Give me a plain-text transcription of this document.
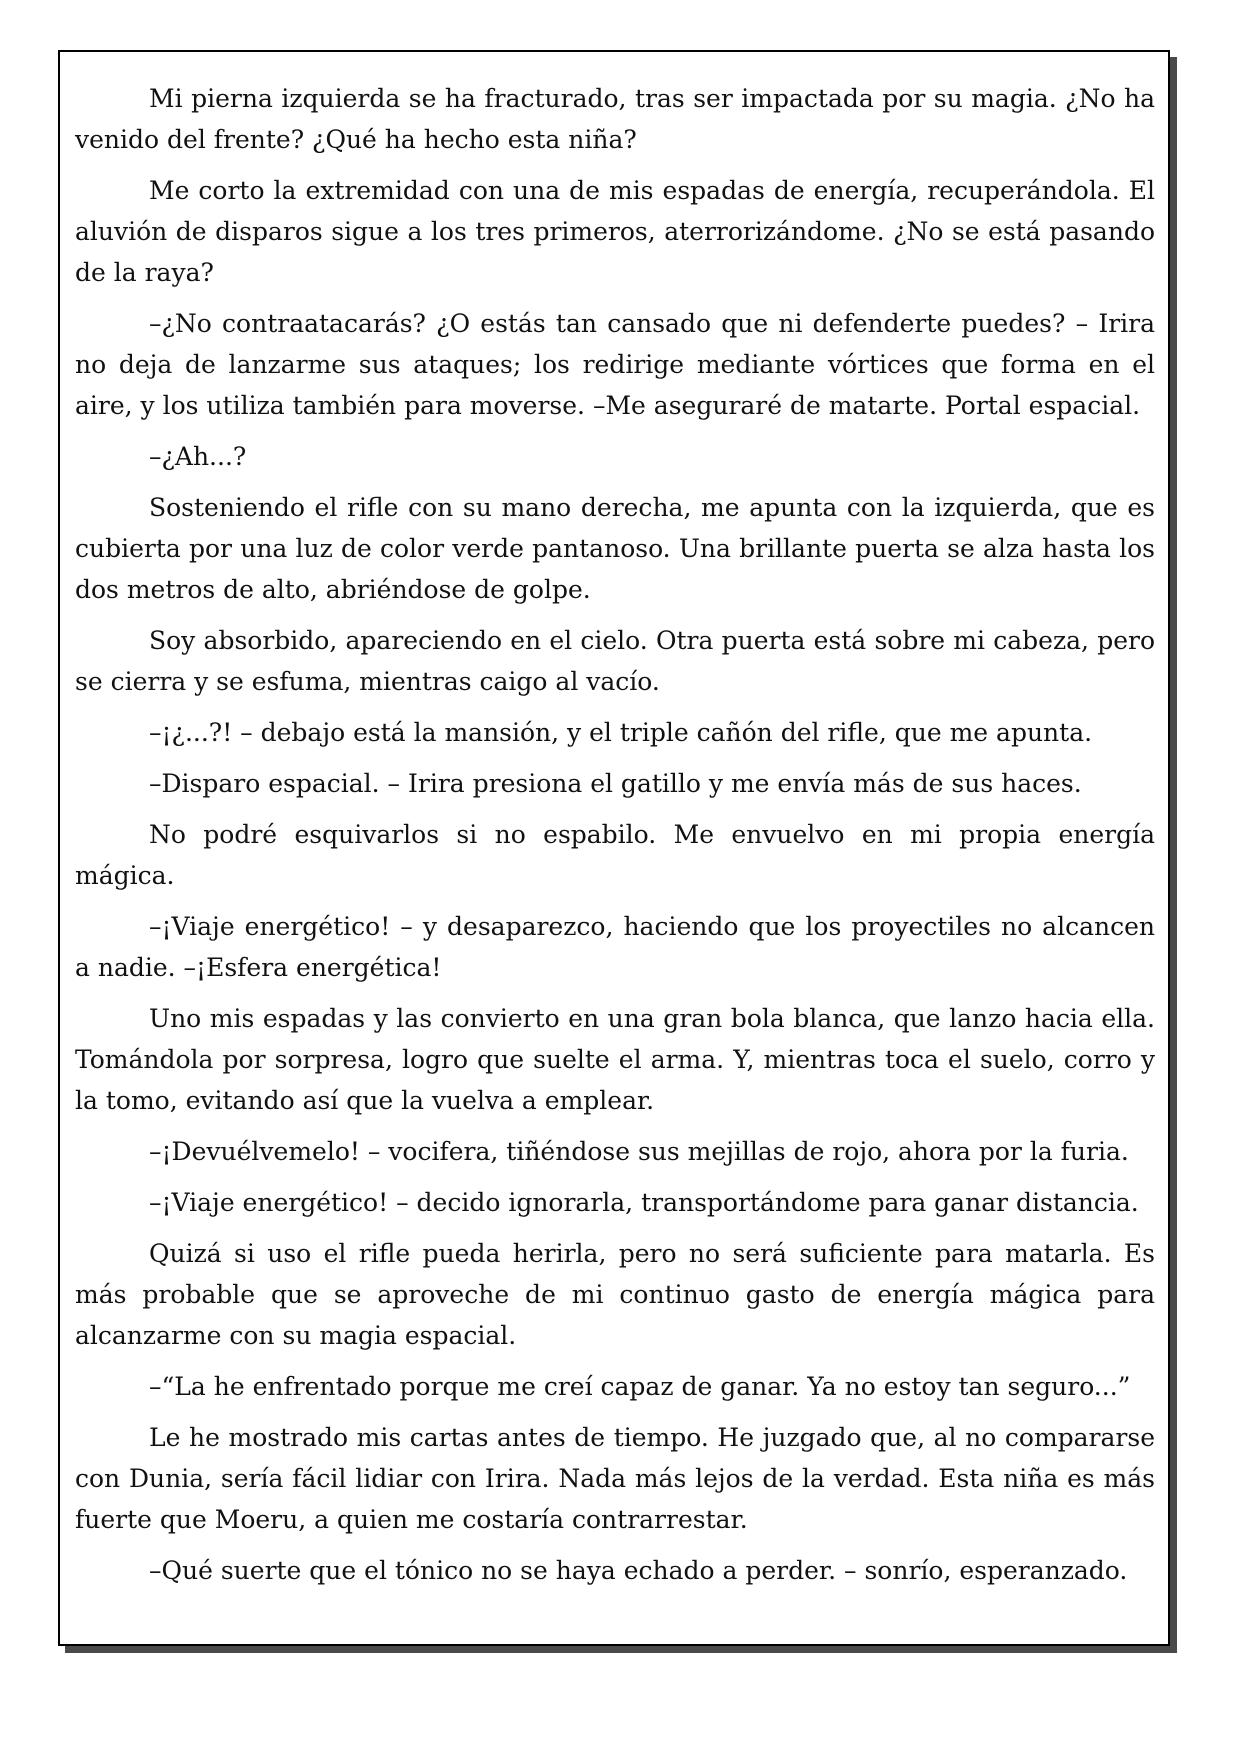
Mi pierna izquierda se ha fracturado, tras ser impactada por su magia. ¿No ha venido del frente? ¿Qué ha hecho esta niña?

Me corto la extremidad con una de mis espadas de energía, recuperándola. El aluvión de disparos sigue a los tres primeros, aterrorizándome. ¿No se está pasando de la raya?

–¿No contraatacarás? ¿O estás tan cansado que ni defenderte puedes? – Irira no deja de lanzarme sus ataques; los redirige mediante vórtices que forma en el aire, y los utiliza también para moverse. –Me aseguraré de matarte. Portal espacial.

–¿Ah...?

Sosteniendo el rifle con su mano derecha, me apunta con la izquierda, que es cubierta por una luz de color verde pantanoso. Una brillante puerta se alza hasta los dos metros de alto, abriéndose de golpe.

Soy absorbido, apareciendo en el cielo. Otra puerta está sobre mi cabeza, pero se cierra y se esfuma, mientras caigo al vacío.

–¡¿...?! – debajo está la mansión, y el triple cañón del rifle, que me apunta.

–Disparo espacial. – Irira presiona el gatillo y me envía más de sus haces.

No podré esquivarlos si no espabilo. Me envuelvo en mi propia energía mágica.

–¡Viaje energético! – y desaparezco, haciendo que los proyectiles no alcancen a nadie. –¡Esfera energética!

Uno mis espadas y las convierto en una gran bola blanca, que lanzo hacia ella. Tomándola por sorpresa, logro que suelte el arma. Y, mientras toca el suelo, corro y la tomo, evitando así que la vuelva a emplear.

–¡Devuélvemelo! – vocifera, tiñéndose sus mejillas de rojo, ahora por la furia.

–¡Viaje energético! – decido ignorarla, transportándome para ganar distancia.

Quizá si uso el rifle pueda herirla, pero no será suficiente para matarla. Es más probable que se aproveche de mi continuo gasto de energía mágica para alcanzarme con su magia espacial.

–“La he enfrentado porque me creí capaz de ganar. Ya no estoy tan seguro...”

Le he mostrado mis cartas antes de tiempo. He juzgado que, al no compararse con Dunia, sería fácil lidiar con Irira. Nada más lejos de la verdad. Esta niña es más fuerte que Moeru, a quien me costaría contrarrestar.

–Qué suerte que el tónico no se haya echado a perder. – sonrío, esperanzado.
